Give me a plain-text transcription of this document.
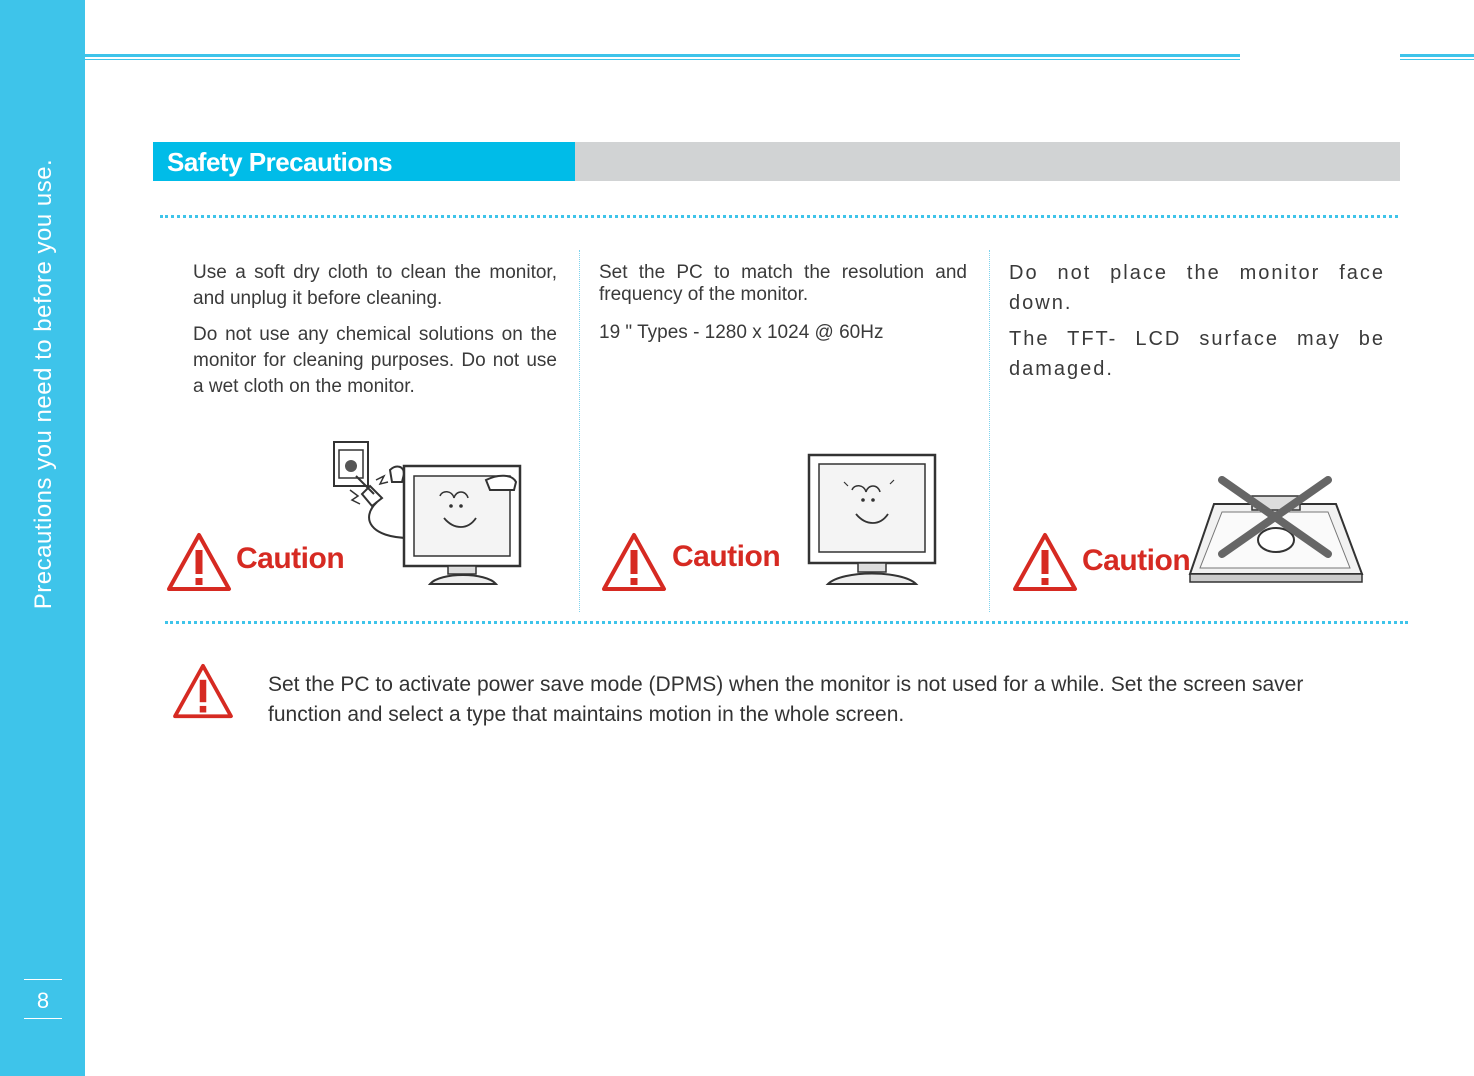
Precautions you need to before you use.
8
Safety Precautions

Use a soft dry cloth to clean the monitor, and unplug it before cleaning.

Do not use any chemical solutions on the monitor for cleaning purposes. Do not use a wet cloth on the monitor.

Caution

Set the PC to match the resolution and frequency of the monitor.

19 " Types - 1280 x 1024 @ 60Hz

Caution

Do not place the monitor face down.

The TFT- LCD surface may be damaged.

Caution
Set the PC to activate power save mode (DPMS) when the monitor is not used for a while. Set the screen saver function and select a type that maintains motion in the whole screen.
